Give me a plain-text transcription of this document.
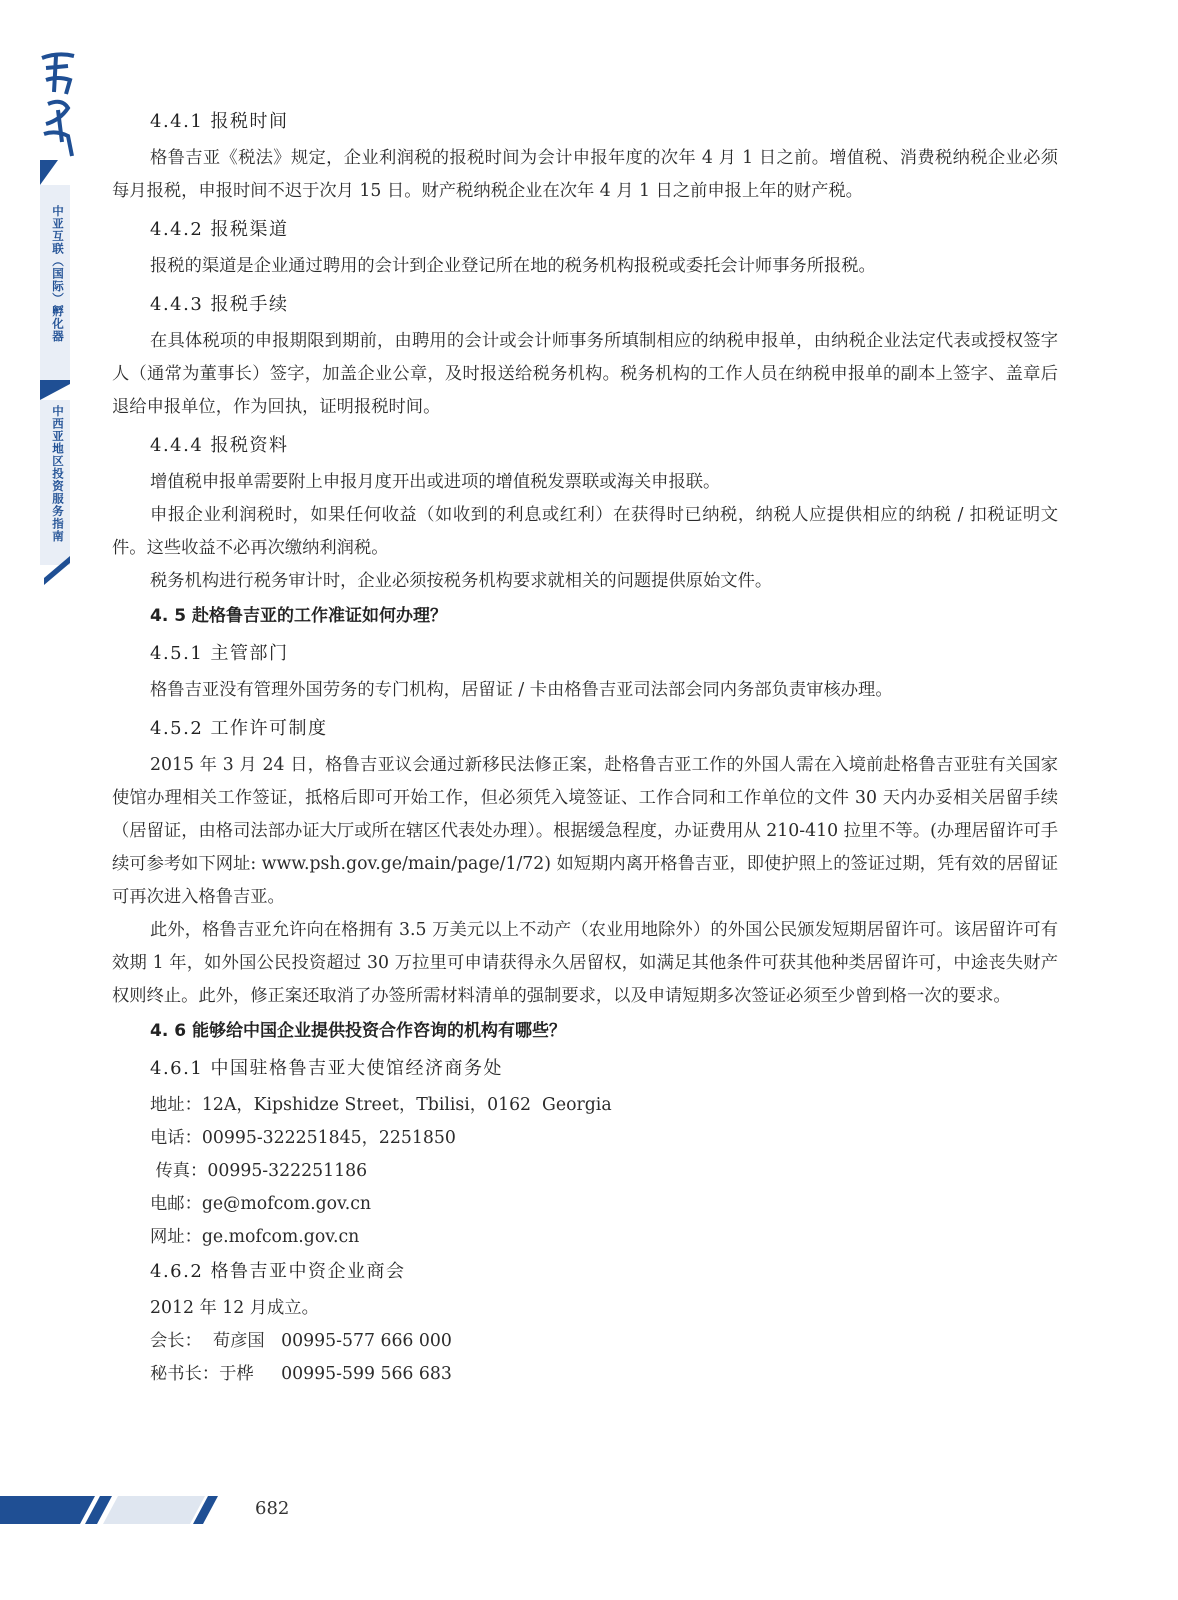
中亚互联（国际）孵化器
中西亚地区投资服务指南
4.4.1 报税时间

格鲁吉亚《税法》规定，企业利润税的报税时间为会计申报年度的次年 4 月 1 日之前。增值税、消费税纳税企业必须每月报税，申报时间不迟于次月 15 日。财产税纳税企业在次年 4 月 1 日之前申报上年的财产税。

4.4.2 报税渠道

报税的渠道是企业通过聘用的会计到企业登记所在地的税务机构报税或委托会计师事务所报税。

4.4.3 报税手续

在具体税项的申报期限到期前，由聘用的会计或会计师事务所填制相应的纳税申报单，由纳税企业法定代表或授权签字人（通常为董事长）签字，加盖企业公章，及时报送给税务机构。税务机构的工作人员在纳税申报单的副本上签字、盖章后退给申报单位，作为回执，证明报税时间。

4.4.4 报税资料

增值税申报单需要附上申报月度开出或进项的增值税发票联或海关申报联。

申报企业利润税时，如果任何收益（如收到的利息或红利）在获得时已纳税，纳税人应提供相应的纳税 / 扣税证明文件。这些收益不必再次缴纳利润税。

税务机构进行税务审计时，企业必须按税务机构要求就相关的问题提供原始文件。

4. 5 赴格鲁吉亚的工作准证如何办理？
4.5.1 主管部门

格鲁吉亚没有管理外国劳务的专门机构，居留证 / 卡由格鲁吉亚司法部会同内务部负责审核办理。

4.5.2 工作许可制度

2015 年 3 月 24 日，格鲁吉亚议会通过新移民法修正案，赴格鲁吉亚工作的外国人需在入境前赴格鲁吉亚驻有关国家使馆办理相关工作签证，抵格后即可开始工作，但必须凭入境签证、工作合同和工作单位的文件 30 天内办妥相关居留手续（居留证，由格司法部办证大厅或所在辖区代表处办理）。根据缓急程度，办证费用从 210-410 拉里不等。(办理居留许可手续可参考如下网址: www.psh.gov.ge/main/page/1/72) 如短期内离开格鲁吉亚，即使护照上的签证过期，凭有效的居留证可再次进入格鲁吉亚。

此外，格鲁吉亚允许向在格拥有 3.5 万美元以上不动产（农业用地除外）的外国公民颁发短期居留许可。该居留许可有效期 1 年，如外国公民投资超过 30 万拉里可申请获得永久居留权，如满足其他条件可获其他种类居留许可，中途丧失财产权则终止。此外，修正案还取消了办签所需材料清单的强制要求，以及申请短期多次签证必须至少曾到格一次的要求。

4. 6 能够给中国企业提供投资合作咨询的机构有哪些？
4.6.1 中国驻格鲁吉亚大使馆经济商务处
地址：12A，Kipshidze Street，Tbilisi，0162  Georgia
电话：00995-322251845，2251850
传真：00995-322251186
电邮：ge@mofcom.gov.cn
网址：ge.mofcom.gov.cn
4.6.2 格鲁吉亚中资企业商会
2012 年 12 月成立。
会长：  荀彦国   00995-577 666 000
秘书长：于桦     00995-599 566 683
682
